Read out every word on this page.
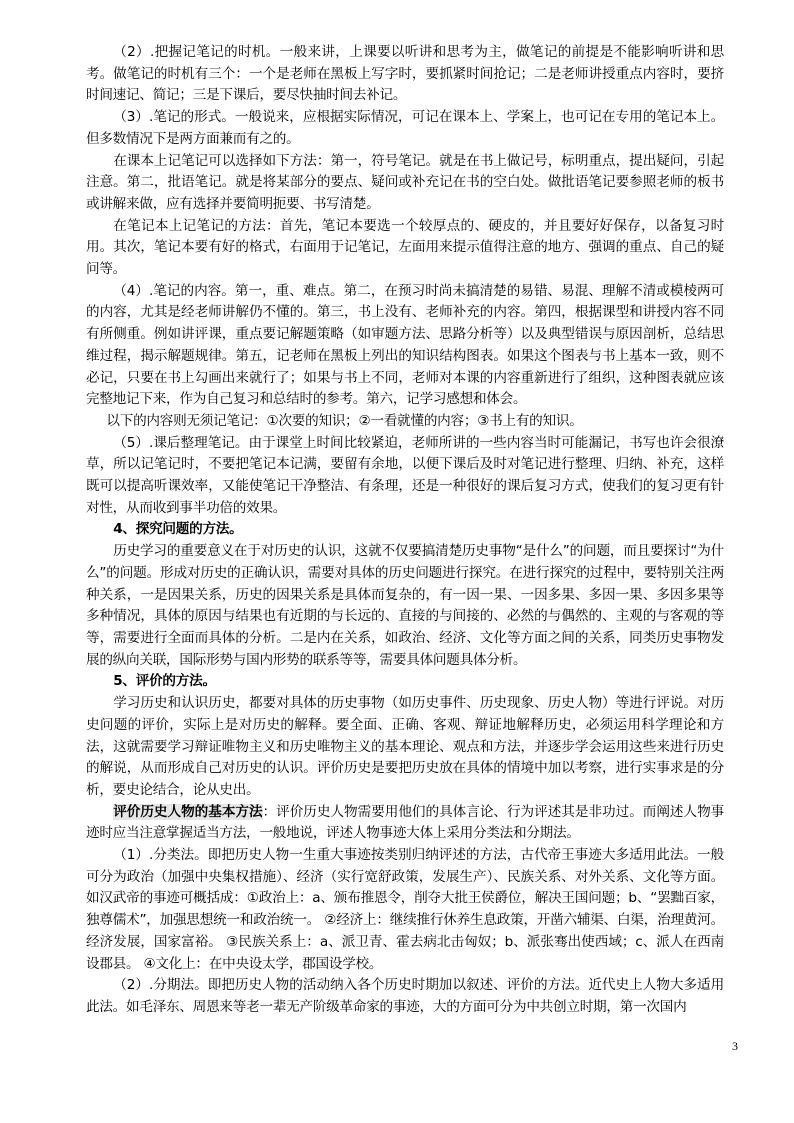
（2）.把握记笔记的时机。一般来讲，上课要以听讲和思考为主，做笔记的前提是不能影响听讲和思考。做笔记的时机有三个：一个是老师在黑板上写字时，要抓紧时间抢记；二是老师讲授重点内容时，要挤时间速记、简记；三是下课后，要尽快抽时间去补记。

（3）.笔记的形式。一般说来，应根据实际情况，可记在课本上、学案上，也可记在专用的笔记本上。但多数情况下是两方面兼而有之的。

在课本上记笔记可以选择如下方法：第一，符号笔记。就是在书上做记号，标明重点，提出疑问，引起注意。第二，批语笔记。就是将某部分的要点、疑问或补充记在书的空白处。做批语笔记要参照老师的板书或讲解来做，应有选择并要简明扼要、书写清楚。

在笔记本上记笔记的方法：首先，笔记本要选一个较厚点的、硬皮的，并且要好好保存，以备复习时用。其次，笔记本要有好的格式，右面用于记笔记，左面用来提示值得注意的地方、强调的重点、自己的疑问等。

（4）.笔记的内容。第一，重、难点。第二，在预习时尚未搞清楚的易错、易混、理解不清或模棱两可的内容，尤其是经老师讲解仍不懂的。第三，书上没有、老师补充的内容。第四，根据课型和讲授内容不同有所侧重。例如讲评课，重点要记解题策略（如审题方法、思路分析等）以及典型错误与原因剖析，总结思维过程，揭示解题规律。第五，记老师在黑板上列出的知识结构图表。如果这个图表与书上基本一致，则不必记，只要在书上勾画出来就行了；如果与书上不同，老师对本课的内容重新进行了组织，这种图表就应该完整地记下来，作为自己复习和总结时的参考。第六，记学习感想和体会。

以下的内容则无须记笔记：①次要的知识；②一看就懂的内容；③书上有的知识。

（5）.课后整理笔记。由于课堂上时间比较紧迫，老师所讲的一些内容当时可能漏记，书写也许会很潦草，所以记笔记时，不要把笔记本记满，要留有余地，以便下课后及时对笔记进行整理、归纳、补充，这样既可以提高听课效率，又能使笔记干净整洁、有条理，还是一种很好的课后复习方式，使我们的复习更有针对性，从而收到事半功倍的效果。

4、探究问题的方法。

历史学习的重要意义在于对历史的认识，这就不仅要搞清楚历史事物“是什么”的问题，而且要探讨“为什么”的问题。形成对历史的正确认识，需要对具体的历史问题进行探究。在进行探究的过程中，要特别关注两种关系，一是因果关系，历史的因果关系是具体而复杂的，有一因一果、一因多果、多因一果、多因多果等多种情况，具体的原因与结果也有近期的与长远的、直接的与间接的、必然的与偶然的、主观的与客观的等等，需要进行全面而具体的分析。二是内在关系，如政治、经济、文化等方面之间的关系，同类历史事物发展的纵向关联，国际形势与国内形势的联系等等，需要具体问题具体分析。

5、评价的方法。

学习历史和认识历史，都要对具体的历史事物（如历史事件、历史现象、历史人物）等进行评说。对历史问题的评价，实际上是对历史的解释。要全面、正确、客观、辩证地解释历史，必须运用科学理论和方法，这就需要学习辩证唯物主义和历史唯物主义的基本理论、观点和方法，并逐步学会运用这些来进行历史的解说，从而形成自己对历史的认识。评价历史是要把历史放在具体的情境中加以考察，进行实事求是的分析，要史论结合，论从史出。

评价历史人物的基本方法：评价历史人物需要用他们的具体言论、行为评述其是非功过。而阐述人物事迹时应当注意掌握适当方法，一般地说，评述人物事迹大体上采用分类法和分期法。

（1）.分类法。即把历史人物一生重大事迹按类别归纳评述的方法，古代帝王事迹大多适用此法。一般可分为政治（加强中央集权措施）、经济（实行宽舒政策，发展生产）、民族关系、对外关系、文化等方面。如汉武帝的事迹可概括成：①政治上：a、颁布推恩令，削夺大批王侯爵位，解决王国问题；b、“罢黜百家，独尊儒术”，加强思想统一和政治统一。 ②经济上：继续推行休养生息政策，开凿六辅渠、白渠，治理黄河。经济发展，国家富裕。 ③民族关系上：a、派卫青、霍去病北击匈奴；b、派张骞出使西域；c、派人在西南设郡县。 ④文化上：在中央设太学，郡国设学校。

（2）.分期法。即把历史人物的活动纳入各个历史时期加以叙述、评价的方法。近代史上人物大多适用此法。如毛泽东、周恩来等老一辈无产阶级革命家的事迹，大的方面可分为中共创立时期，第一次国内

3
